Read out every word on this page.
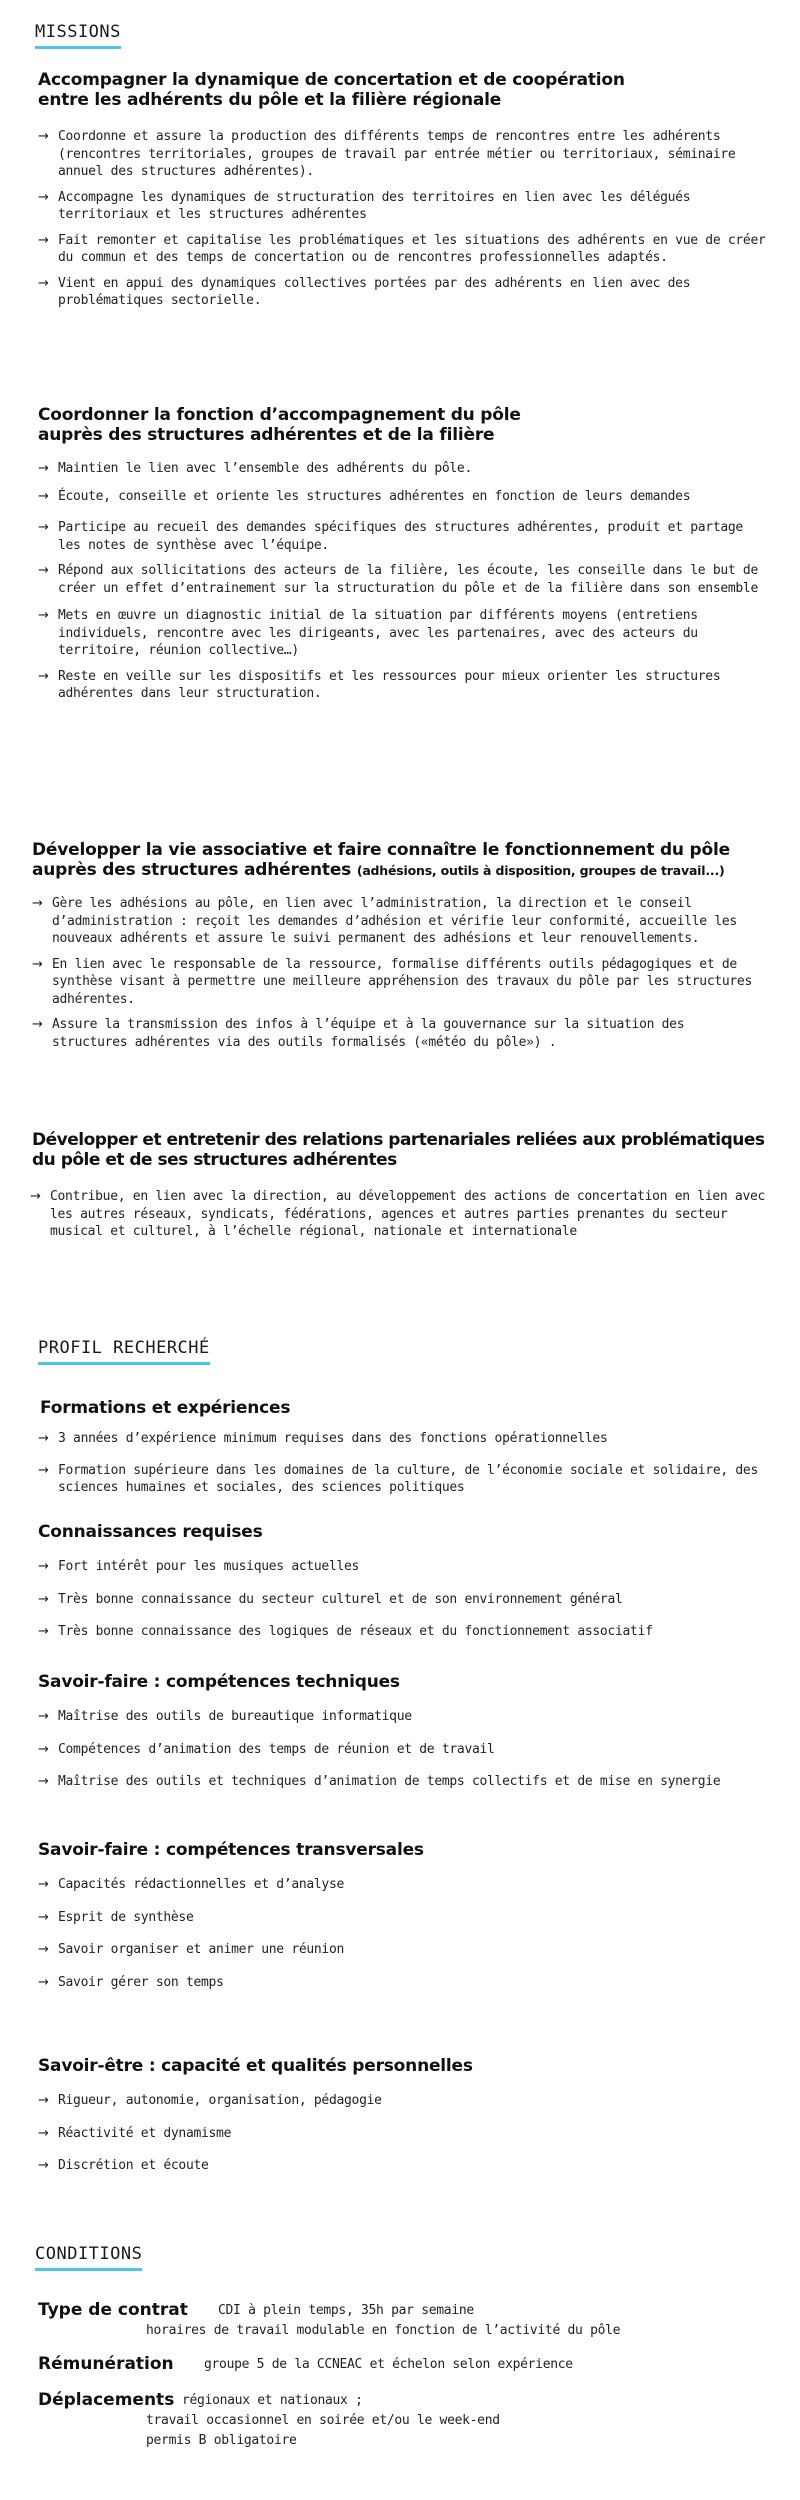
MISSIONS
Accompagner la dynamique de concertation et de coopération
entre les adhérents du pôle et la filière régionale
→ Coordonne et assure la production des différents temps de rencontres entre les adhérents (rencontres territoriales, groupes de travail par entrée métier ou territoriaux, séminaire annuel des structures adhérentes).
→ Accompagne les dynamiques de structuration des territoires en lien avec les délégués territoriaux et les structures adhérentes
→ Fait remonter et capitalise les problématiques et les situations des adhérents en vue de créer du commun et des temps de concertation ou de rencontres professionnelles adaptés.
→ Vient en appui des dynamiques collectives portées par des adhérents en lien avec des problématiques sectorielle.
Coordonner la fonction d’accompagnement du pôle
auprès des structures adhérentes et de la filière
→ Maintien le lien avec l’ensemble des adhérents du pôle.
→ Écoute, conseille et oriente les structures adhérentes en fonction de leurs demandes
→ Participe au recueil des demandes spécifiques des structures adhérentes, produit et partage les notes de synthèse avec l’équipe.
→ Répond aux sollicitations des acteurs de la filière, les écoute, les conseille dans le but de créer un effet d’entrainement sur la structuration du pôle et de la filière dans son ensemble
→ Mets en œuvre un diagnostic initial de la situation par différents moyens (entretiens individuels, rencontre avec les dirigeants, avec les partenaires, avec des acteurs du territoire, réunion collective…)
→ Reste en veille sur les dispositifs et les ressources pour mieux orienter les structures adhérentes dans leur structuration.
Développer la vie associative et faire connaître le fonctionnement du pôle
auprès des structures adhérentes (adhésions, outils à disposition, groupes de travail...)
→ Gère les adhésions au pôle, en lien avec l’administration, la direction et le conseil d’administration : reçoit les demandes d’adhésion et vérifie leur conformité, accueille les nouveaux adhérents et assure le suivi permanent des adhésions et leur renouvellements.
→ En lien avec le responsable de la ressource, formalise différents outils pédagogiques et de synthèse visant à permettre une meilleure appréhension des travaux du pôle par les structures adhérentes.
→ Assure la transmission des infos à l’équipe et à la gouvernance sur la situation des structures adhérentes via des outils formalisés («météo du pôle») .
Développer et entretenir des relations partenariales reliées aux problématiques
du pôle et de ses structures adhérentes
→ Contribue, en lien avec la direction, au développement des actions de concertation en lien avec les autres réseaux, syndicats, fédérations, agences et autres parties prenantes du secteur musical et culturel, à l’échelle régional, nationale et internationale
PROFIL RECHERCHÉ
Formations et expériences
→ 3 années d’expérience minimum requises dans des fonctions opérationnelles
→ Formation supérieure dans les domaines de la culture, de l’économie sociale et solidaire, des sciences humaines et sociales, des sciences politiques
Connaissances requises
→ Fort intérêt pour les musiques actuelles
→ Très bonne connaissance du secteur culturel et de son environnement général
→ Très bonne connaissance des logiques de réseaux et du fonctionnement associatif
Savoir-faire : compétences techniques
→ Maîtrise des outils de bureautique informatique
→ Compétences d’animation des temps de réunion et de travail
→ Maîtrise des outils et techniques d’animation de temps collectifs et de mise en synergie
Savoir-faire : compétences transversales
→ Capacités rédactionnelles et d’analyse
→ Esprit de synthèse
→ Savoir organiser et animer une réunion
→ Savoir gérer son temps
Savoir-être : capacité et qualités personnelles
→ Rigueur, autonomie, organisation, pédagogie
→ Réactivité et dynamisme
→ Discrétion et écoute
CONDITIONS
Type de contrat CDI à plein temps, 35h par semaine
horaires de travail modulable en fonction de l’activité du pôle
Rémunération groupe 5 de la CCNEAC et échelon selon expérience
Déplacements régionaux et nationaux ;
travail occasionnel en soirée et/ou le week-end
permis B obligatoire
